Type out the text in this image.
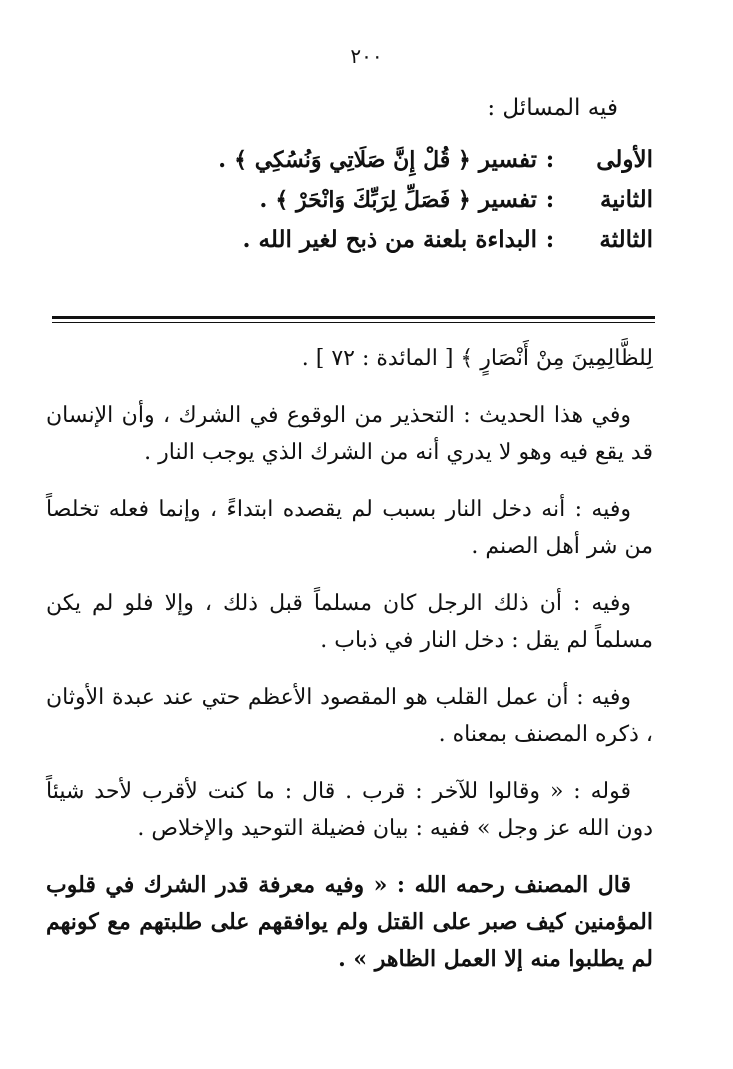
٢٠٠
فيه المسائل :
الأولى
:
تفسير ﴿ قُلْ إِنَّ صَلَاتِي وَنُسُكِي ﴾ .
الثانية
:
تفسير ﴿ فَصَلِّ لِرَبِّكَ وَانْحَرْ ﴾ .
الثالثة
:
البداءة بلعنة من ذبح لغير الله .

لِلظَّالِمِينَ مِنْ أَنْصَارٍ ﴾ [ المائدة : ٧٢ ] .

وفي هذا الحديث : التحذير من الوقوع في الشرك ، وأن الإنسان قد يقع فيه وهو لا يدري أنه من الشرك الذي يوجب النار .

وفيه : أنه دخل النار بسبب لم يقصده ابتداءً ، وإنما فعله تخلصاً من شر أهل الصنم .

وفيه : أن ذلك الرجل كان مسلماً قبل ذلك ، وإلا فلو لم يكن مسلماً لم يقل : دخل النار في ذباب .

وفيه : أن عمل القلب هو المقصود الأعظم حتي عند عبدة الأوثان ، ذكره المصنف بمعناه .

قوله : « وقالوا للآخر : قرب . قال : ما كنت لأقرب لأحد شيئاً دون الله عز وجل » ففيه : بيان فضيلة التوحيد والإخلاص .

قال المصنف رحمه الله : « وفيه معرفة قدر الشرك في قلوب المؤمنين كيف صبر على القتل ولم يوافقهم على طلبتهم مع كونهم لم يطلبوا منه إلا العمل الظاهر » .
